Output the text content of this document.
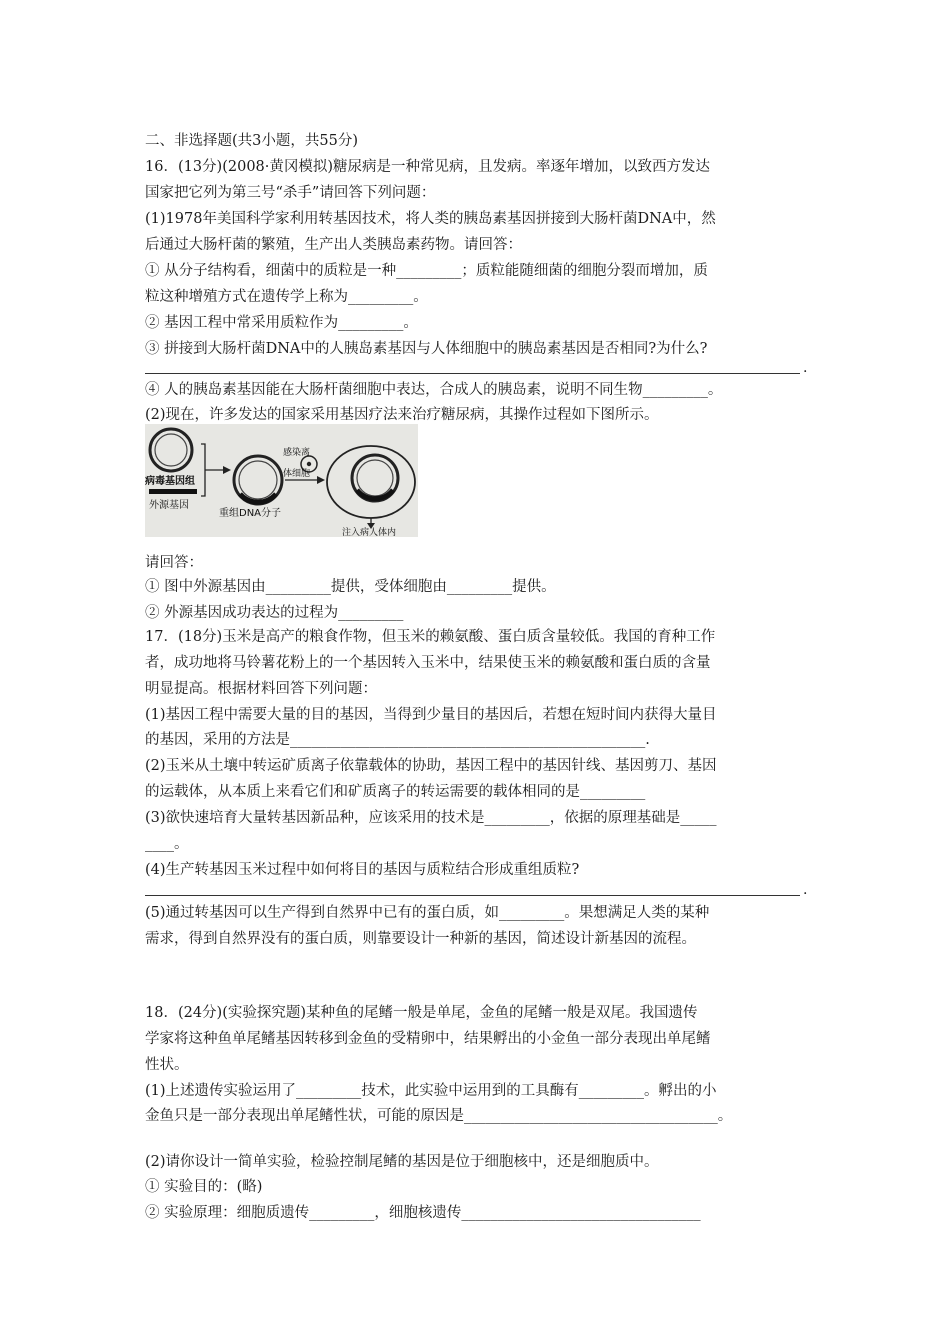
二、非选择题(共3小题，共55分)
16．(13分)(2008·黄冈模拟)糖尿病是一种常见病，且发病。率逐年增加，以致西方发达
国家把它列为第三号“杀手”请回答下列问题：
(1)1978年美国科学家利用转基因技术，将人类的胰岛素基因拼接到大肠杆菌DNA中，然
后通过大肠杆菌的繁殖，生产出人类胰岛素药物。请回答：
① 从分子结构看，细菌中的质粒是一种_________；质粒能随细菌的细胞分裂而增加，质
粒这种增殖方式在遗传学上称为_________。
② 基因工程中常采用质粒作为_________。
③ 拼接到大肠杆菌DNA中的人胰岛素基因与人体细胞中的胰岛素基因是否相同?为什么?
.
④ 人的胰岛素基因能在大肠杆菌细胞中表达，合成人的胰岛素，说明不同生物_________。
(2)现在，许多发达的国家采用基因疗法来治疗糖尿病，其操作过程如下图所示。
病毒基因组
外源基因
重组DNA分子
感染离
体细胞
注入病人体内
请回答：
① 图中外源基因由_________提供，受体细胞由_________提供。
② 外源基因成功表达的过程为_________
17．(18分)玉米是高产的粮食作物，但玉米的赖氨酸、蛋白质含量较低。我国的育种工作
者，成功地将马铃薯花粉上的一个基因转入玉米中，结果使玉米的赖氨酸和蛋白质的含量
明显提高。根据材料回答下列问题：
(1)基因工程中需要大量的目的基因，当得到少量目的基因后，若想在短时间内获得大量目
的基因，采用的方法是_________________________________________________.
(2)玉米从土壤中转运矿质离子依靠载体的协助，基因工程中的基因针线、基因剪刀、基因
的运载体，从本质上来看它们和矿质离子的转运需要的载体相同的是_________
(3)欲快速培育大量转基因新品种，应该采用的技术是_________，依据的原理基础是_____
____。
(4)生产转基因玉米过程中如何将目的基因与质粒结合形成重组质粒?
.
(5)通过转基因可以生产得到自然界中已有的蛋白质，如_________。果想满足人类的某种
需求，得到自然界没有的蛋白质，则靠要设计一种新的基因，简述设计新基因的流程。
18．(24分)(实验探究题)某种鱼的尾鳍一般是单尾，金鱼的尾鳍一般是双尾。我国遗传
学家将这种鱼单尾鳍基因转移到金鱼的受精卵中，结果孵出的小金鱼一部分表现出单尾鳍
性状。
(1)上述遗传实验运用了_________技术，此实验中运用到的工具酶有_________。孵出的小
金鱼只是一部分表现出单尾鳍性状，可能的原因是___________________________________。
(2)请你设计一简单实验，检验控制尾鳍的基因是位于细胞核中，还是细胞质中。
① 实验目的：(略)
② 实验原理：细胞质遗传_________，细胞核遗传_________________________________
